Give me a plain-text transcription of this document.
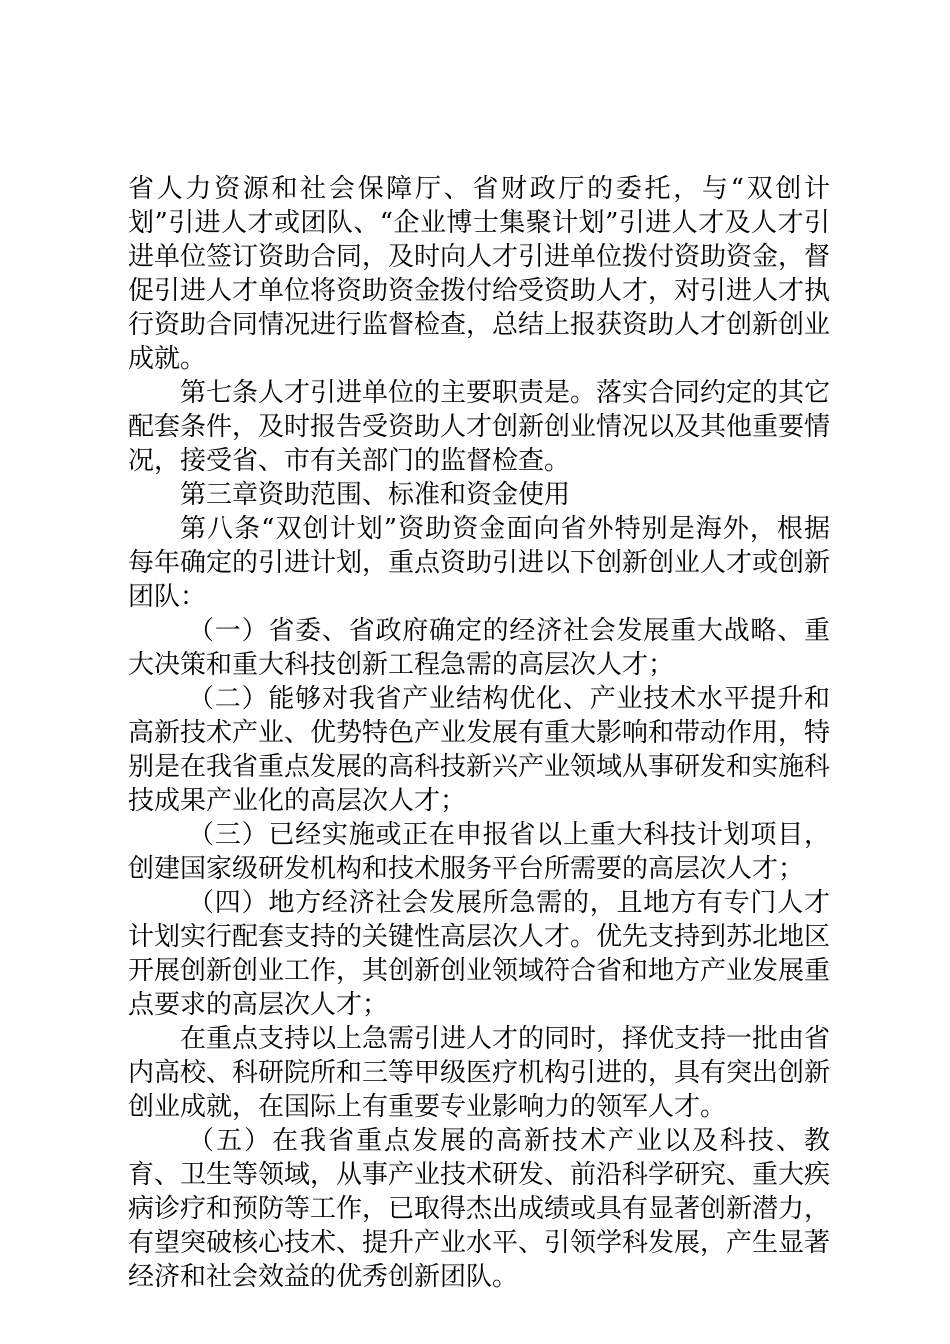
省人力资源和社会保障厅、省财政厅的委托，与“双创计划”引进人才或团队、“企业博士集聚计划”引进人才及人才引进单位签订资助合同，及时向人才引进单位拨付资助资金，督促引进人才单位将资助资金拨付给受资助人才，对引进人才执行资助合同情况进行监督检查，总结上报获资助人才创新创业成就。

第七条人才引进单位的主要职责是。落实合同约定的其它配套条件，及时报告受资助人才创新创业情况以及其他重要情况，接受省、市有关部门的监督检查。

第三章资助范围、标准和资金使用

第八条“双创计划”资助资金面向省外特别是海外，根据每年确定的引进计划，重点资助引进以下创新创业人才或创新团队：

（一）省委、省政府确定的经济社会发展重大战略、重大决策和重大科技创新工程急需的高层次人才；

（二）能够对我省产业结构优化、产业技术水平提升和高新技术产业、优势特色产业发展有重大影响和带动作用，特别是在我省重点发展的高科技新兴产业领域从事研发和实施科技成果产业化的高层次人才；

（三）已经实施或正在申报省以上重大科技计划项目，创建国家级研发机构和技术服务平台所需要的高层次人才；

（四）地方经济社会发展所急需的，且地方有专门人才计划实行配套支持的关键性高层次人才。优先支持到苏北地区开展创新创业工作，其创新创业领域符合省和地方产业发展重点要求的高层次人才；

在重点支持以上急需引进人才的同时，择优支持一批由省内高校、科研院所和三等甲级医疗机构引进的，具有突出创新创业成就，在国际上有重要专业影响力的领军人才。

（五）在我省重点发展的高新技术产业以及科技、教育、卫生等领域，从事产业技术研发、前沿科学研究、重大疾病诊疗和预防等工作，已取得杰出成绩或具有显著创新潜力，有望突破核心技术、提升产业水平、引领学科发展，产生显著经济和社会效益的优秀创新团队。
